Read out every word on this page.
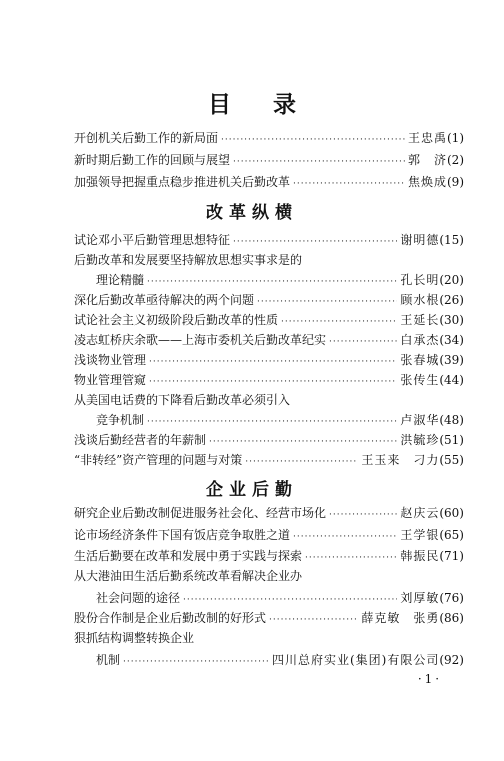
目 录
开创机关后勤工作的新局面 ·····	王忠禹 (1)
新时期后勤工作的回顾与展望 ·····	郭　济 (2)
加强领导把握重点稳步推进机关后勤改革 ·····	焦焕成 (9)
改革纵横
试论邓小平后勤管理思想特征 ·····	谢明德 (15)
后勤改革和发展要坚持解放思想实事求是的
理论精髓 ·····	孔长明 (20)
深化后勤改革亟待解决的两个问题 ·····	顾水根 (26)
试论社会主义初级阶段后勤改革的性质 ·····	王延长 (30)
凌志虹桥庆余歌——上海市委机关后勤改革纪实 ·····	白承杰 (34)
浅谈物业管理 ·····	张春城 (39)
物业管理管窥 ·····	张传生 (44)
从美国电话费的下降看后勤改革必须引入
竞争机制 ·····	卢淑华 (48)
浅谈后勤经营者的年薪制 ·····	洪毓珍 (51)
“非转经”资产管理的问题与对策 ·····	王玉来　刁力 (55)
企业后勤
研究企业后勤改制促进服务社会化、经营市场化 ·····	赵庆云 (60)
论市场经济条件下国有饭店竞争取胜之道 ·····	王学银 (65)
生活后勤要在改革和发展中勇于实践与探索 ·····	韩振民 (71)
从大港油田生活后勤系统改革看解决企业办
社会问题的途径 ·····	刘厚敏 (76)
股份合作制是企业后勤改制的好形式 ·····	薛克敏　张勇 (86)
狠抓结构调整转换企业
机制 ·····	四川总府实业(集团)有限公司 (92)
·1·
